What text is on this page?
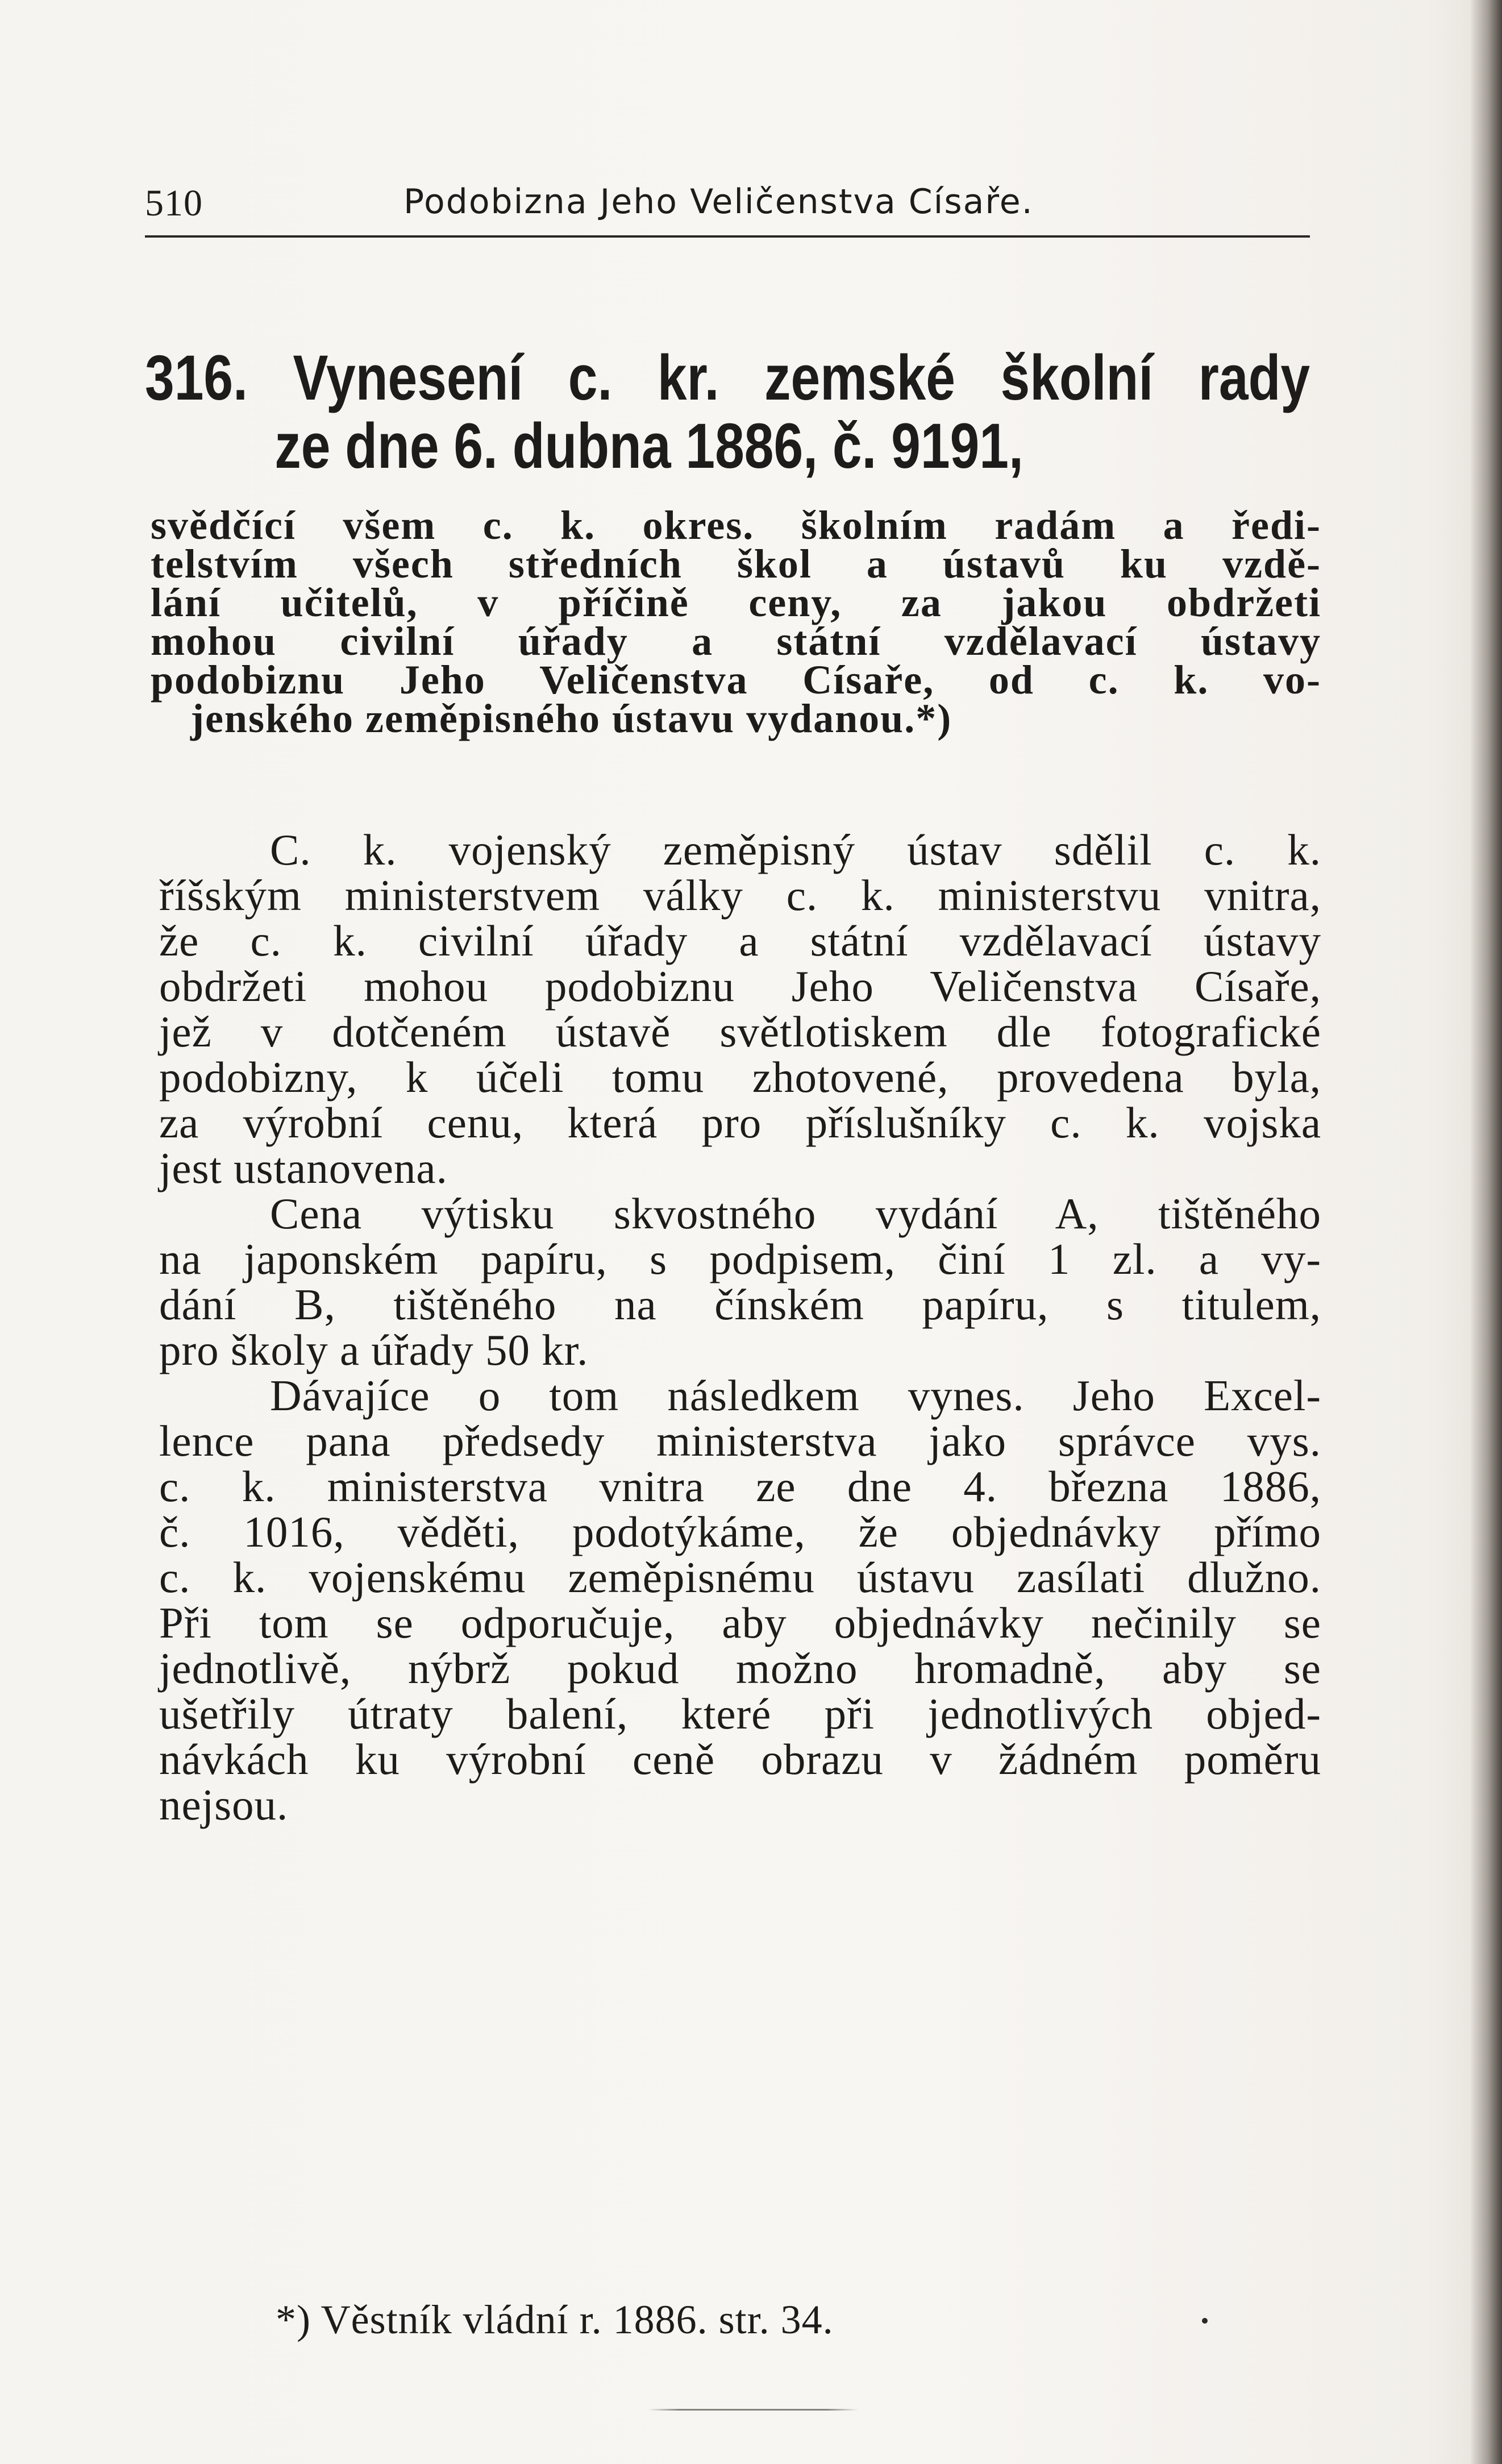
510	Podobizna Jeho Veličenstva Císaře.
316. Vynesení c. kr. zemské školní rady
ze dne 6. dubna 1886, č. 9191,

svědčící všem c. k. okres. školním radám a ředi-

telstvím všech středních škol a ústavů ku vzdě-

lání učitelů, v příčině ceny, za jakou obdržeti

mohou civilní úřady a státní vzdělavací ústavy

podobiznu Jeho Veličenstva Císaře, od c. k. vo-

jenského zeměpisného ústavu vydanou.*)

C. k. vojenský zeměpisný ústav sdělil c. k.
říšským ministerstvem války c. k. ministerstvu vnitra,
že c. k. civilní úřady a státní vzdělavací ústavy
obdržeti mohou podobiznu Jeho Veličenstva Císaře,
jež v dotčeném ústavě světlotiskem dle fotografické
podobizny, k účeli tomu zhotovené, provedena byla,
za výrobní cenu, která pro příslušníky c. k. vojska
jest ustanovena.
Cena výtisku skvostného vydání A, tištěného
na japonském papíru, s podpisem, činí 1 zl. a vy-
dání B, tištěného na čínském papíru, s titulem,
pro školy a úřady 50 kr.
Dávajíce o tom následkem vynes. Jeho Excel-
lence pana předsedy ministerstva jako správce vys.
c. k. ministerstva vnitra ze dne 4. března 1886,
č. 1016, věděti, podotýkáme, že objednávky přímo
c. k. vojenskému zeměpisnému ústavu zasílati dlužno.
Při tom se odporučuje, aby objednávky nečinily se
jednotlivě, nýbrž pokud možno hromadně, aby se
ušetřily útraty balení, které při jednotlivých objed-
návkách ku výrobní ceně obrazu v žádném poměru
nejsou.
*) Věstník vládní r. 1886. str. 34.
